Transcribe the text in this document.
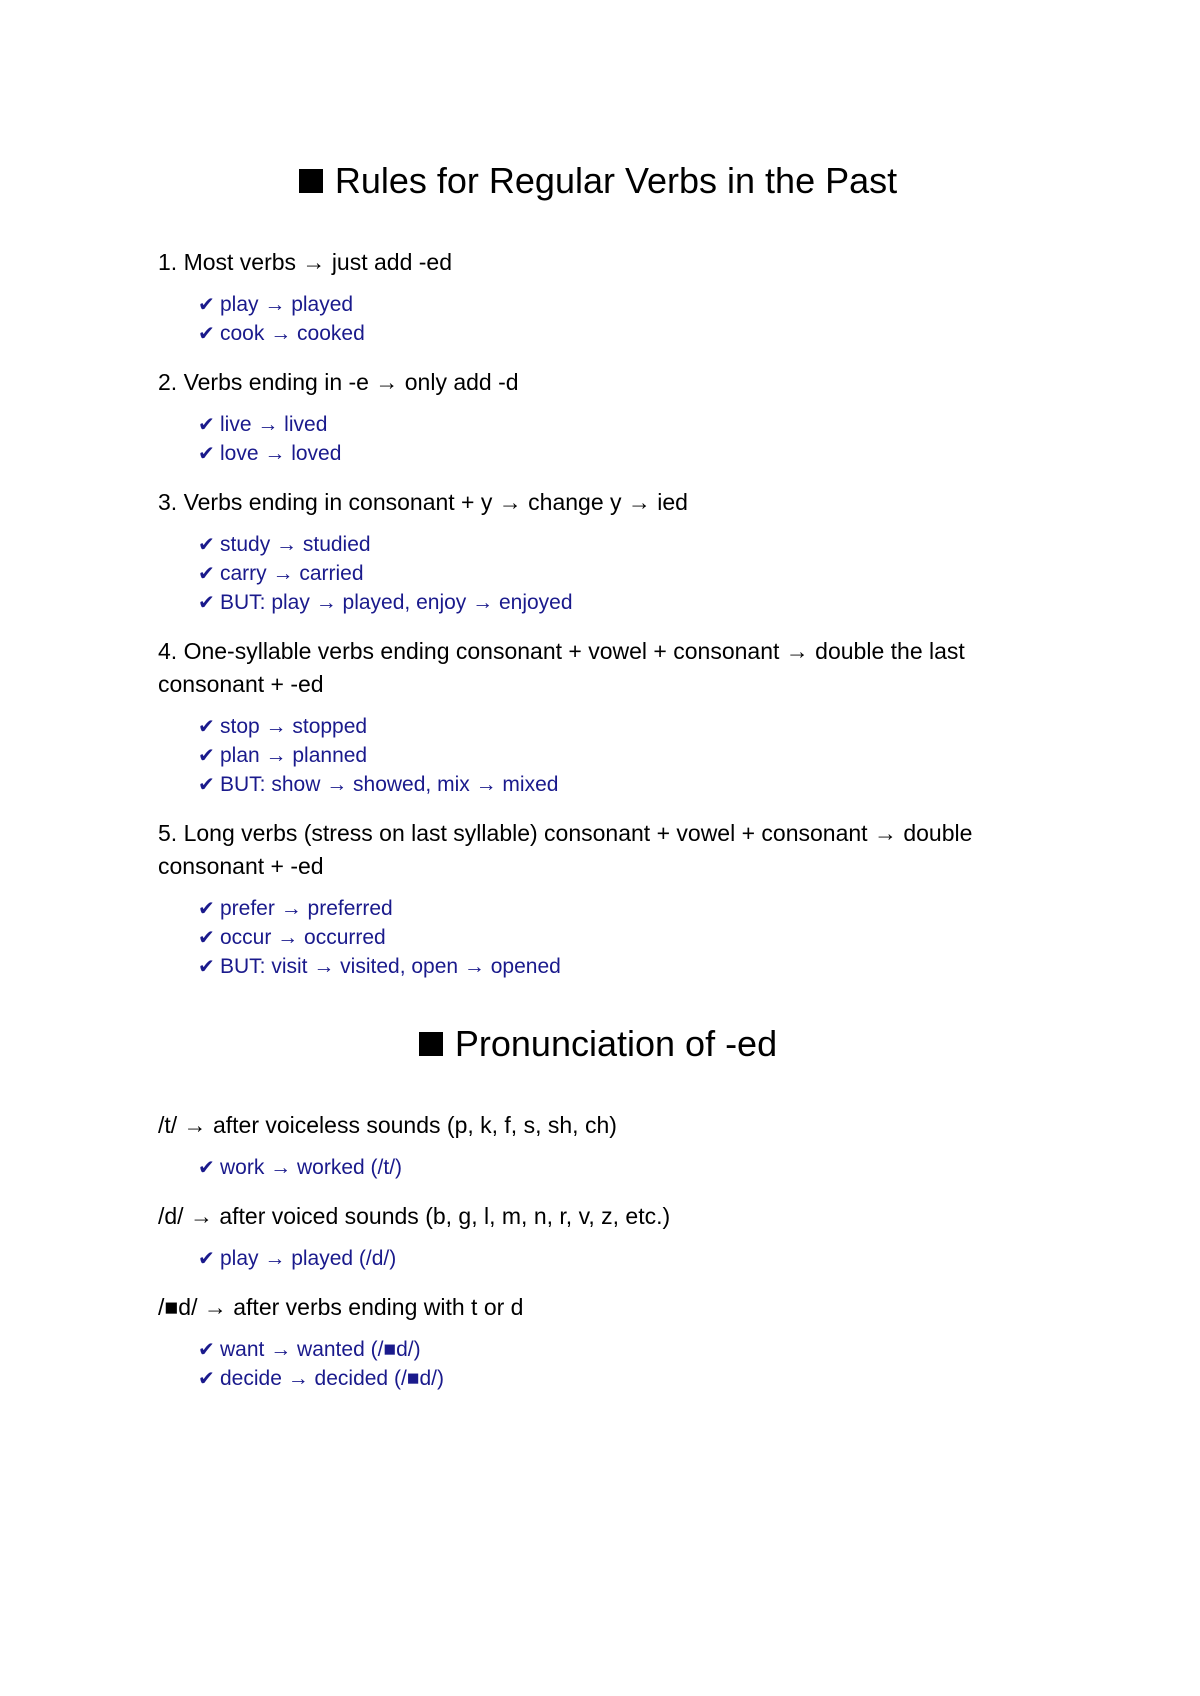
Rules for Regular Verbs in the Past

1. Most verbs → just add -ed

✔ play → played
✔ cook → cooked

2. Verbs ending in -e → only add -d

✔ live → lived
✔ love → loved

3. Verbs ending in consonant + y → change y → ied

✔ study → studied
✔ carry → carried
✔ BUT: play → played, enjoy → enjoyed

4. One-syllable verbs ending consonant + vowel + consonant → double the last consonant + -ed

✔ stop → stopped
✔ plan → planned
✔ BUT: show → showed, mix → mixed

5. Long verbs (stress on last syllable) consonant + vowel + consonant → double consonant + -ed

✔ prefer → preferred
✔ occur → occurred
✔ BUT: visit → visited, open → opened
Pronunciation of -ed

/t/ → after voiceless sounds (p, k, f, s, sh, ch)

✔ work → worked (/t/)

/d/ → after voiced sounds (b, g, l, m, n, r, v, z, etc.)

✔ play → played (/d/)

/■d/ → after verbs ending with t or d

✔ want → wanted (/■d/)
✔ decide → decided (/■d/)
